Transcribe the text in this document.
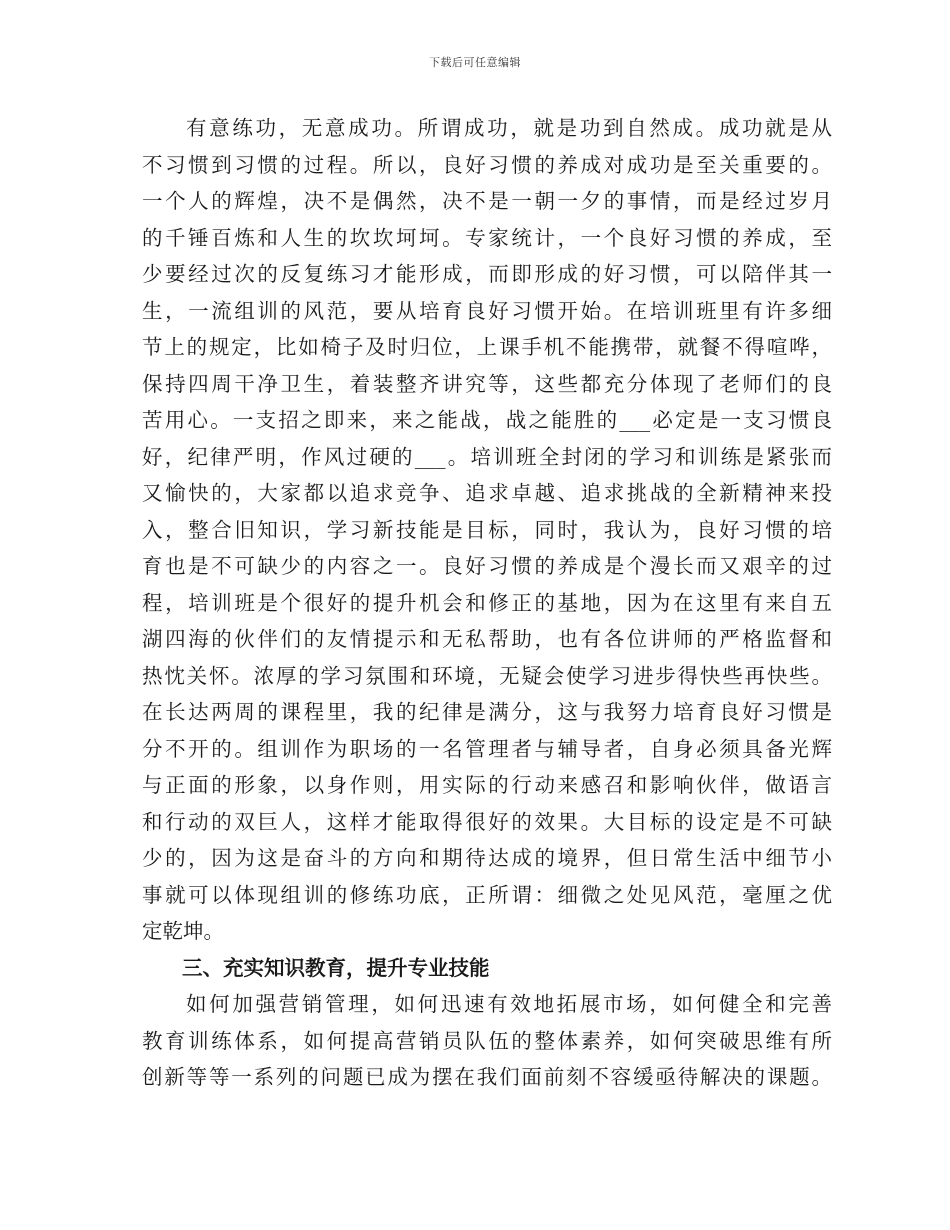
下载后可任意编辑
有意练功，无意成功。所谓成功，就是功到自然成。成功就是从
不习惯到习惯的过程。所以，良好习惯的养成对成功是至关重要的。
一个人的辉煌，决不是偶然，决不是一朝一夕的事情，而是经过岁月
的千锤百炼和人生的坎坎坷坷。专家统计，一个良好习惯的养成，至
少要经过次的反复练习才能形成，而即形成的好习惯，可以陪伴其一
生，一流组训的风范，要从培育良好习惯开始。在培训班里有许多细
节上的规定，比如椅子及时归位，上课手机不能携带，就餐不得喧哗，
保持四周干净卫生，着装整齐讲究等，这些都充分体现了老师们的良
苦用心。一支招之即来，来之能战，战之能胜的___必定是一支习惯良
好，纪律严明，作风过硬的___。培训班全封闭的学习和训练是紧张而
又愉快的，大家都以追求竞争、追求卓越、追求挑战的全新精神来投
入，整合旧知识，学习新技能是目标，同时，我认为，良好习惯的培
育也是不可缺少的内容之一。良好习惯的养成是个漫长而又艰辛的过
程，培训班是个很好的提升机会和修正的基地，因为在这里有来自五
湖四海的伙伴们的友情提示和无私帮助，也有各位讲师的严格监督和
热忱关怀。浓厚的学习氛围和环境，无疑会使学习进步得快些再快些。
在长达两周的课程里，我的纪律是满分，这与我努力培育良好习惯是
分不开的。组训作为职场的一名管理者与辅导者，自身必须具备光辉
与正面的形象，以身作则，用实际的行动来感召和影响伙伴，做语言
和行动的双巨人，这样才能取得很好的效果。大目标的设定是不可缺
少的，因为这是奋斗的方向和期待达成的境界，但日常生活中细节小
事就可以体现组训的修练功底，正所谓：细微之处见风范，毫厘之优
定乾坤。
三、充实知识教育，提升专业技能
如何加强营销管理，如何迅速有效地拓展市场，如何健全和完善
教育训练体系，如何提高营销员队伍的整体素养，如何突破思维有所
创新等等一系列的问题已成为摆在我们面前刻不容缓亟待解决的课题。
